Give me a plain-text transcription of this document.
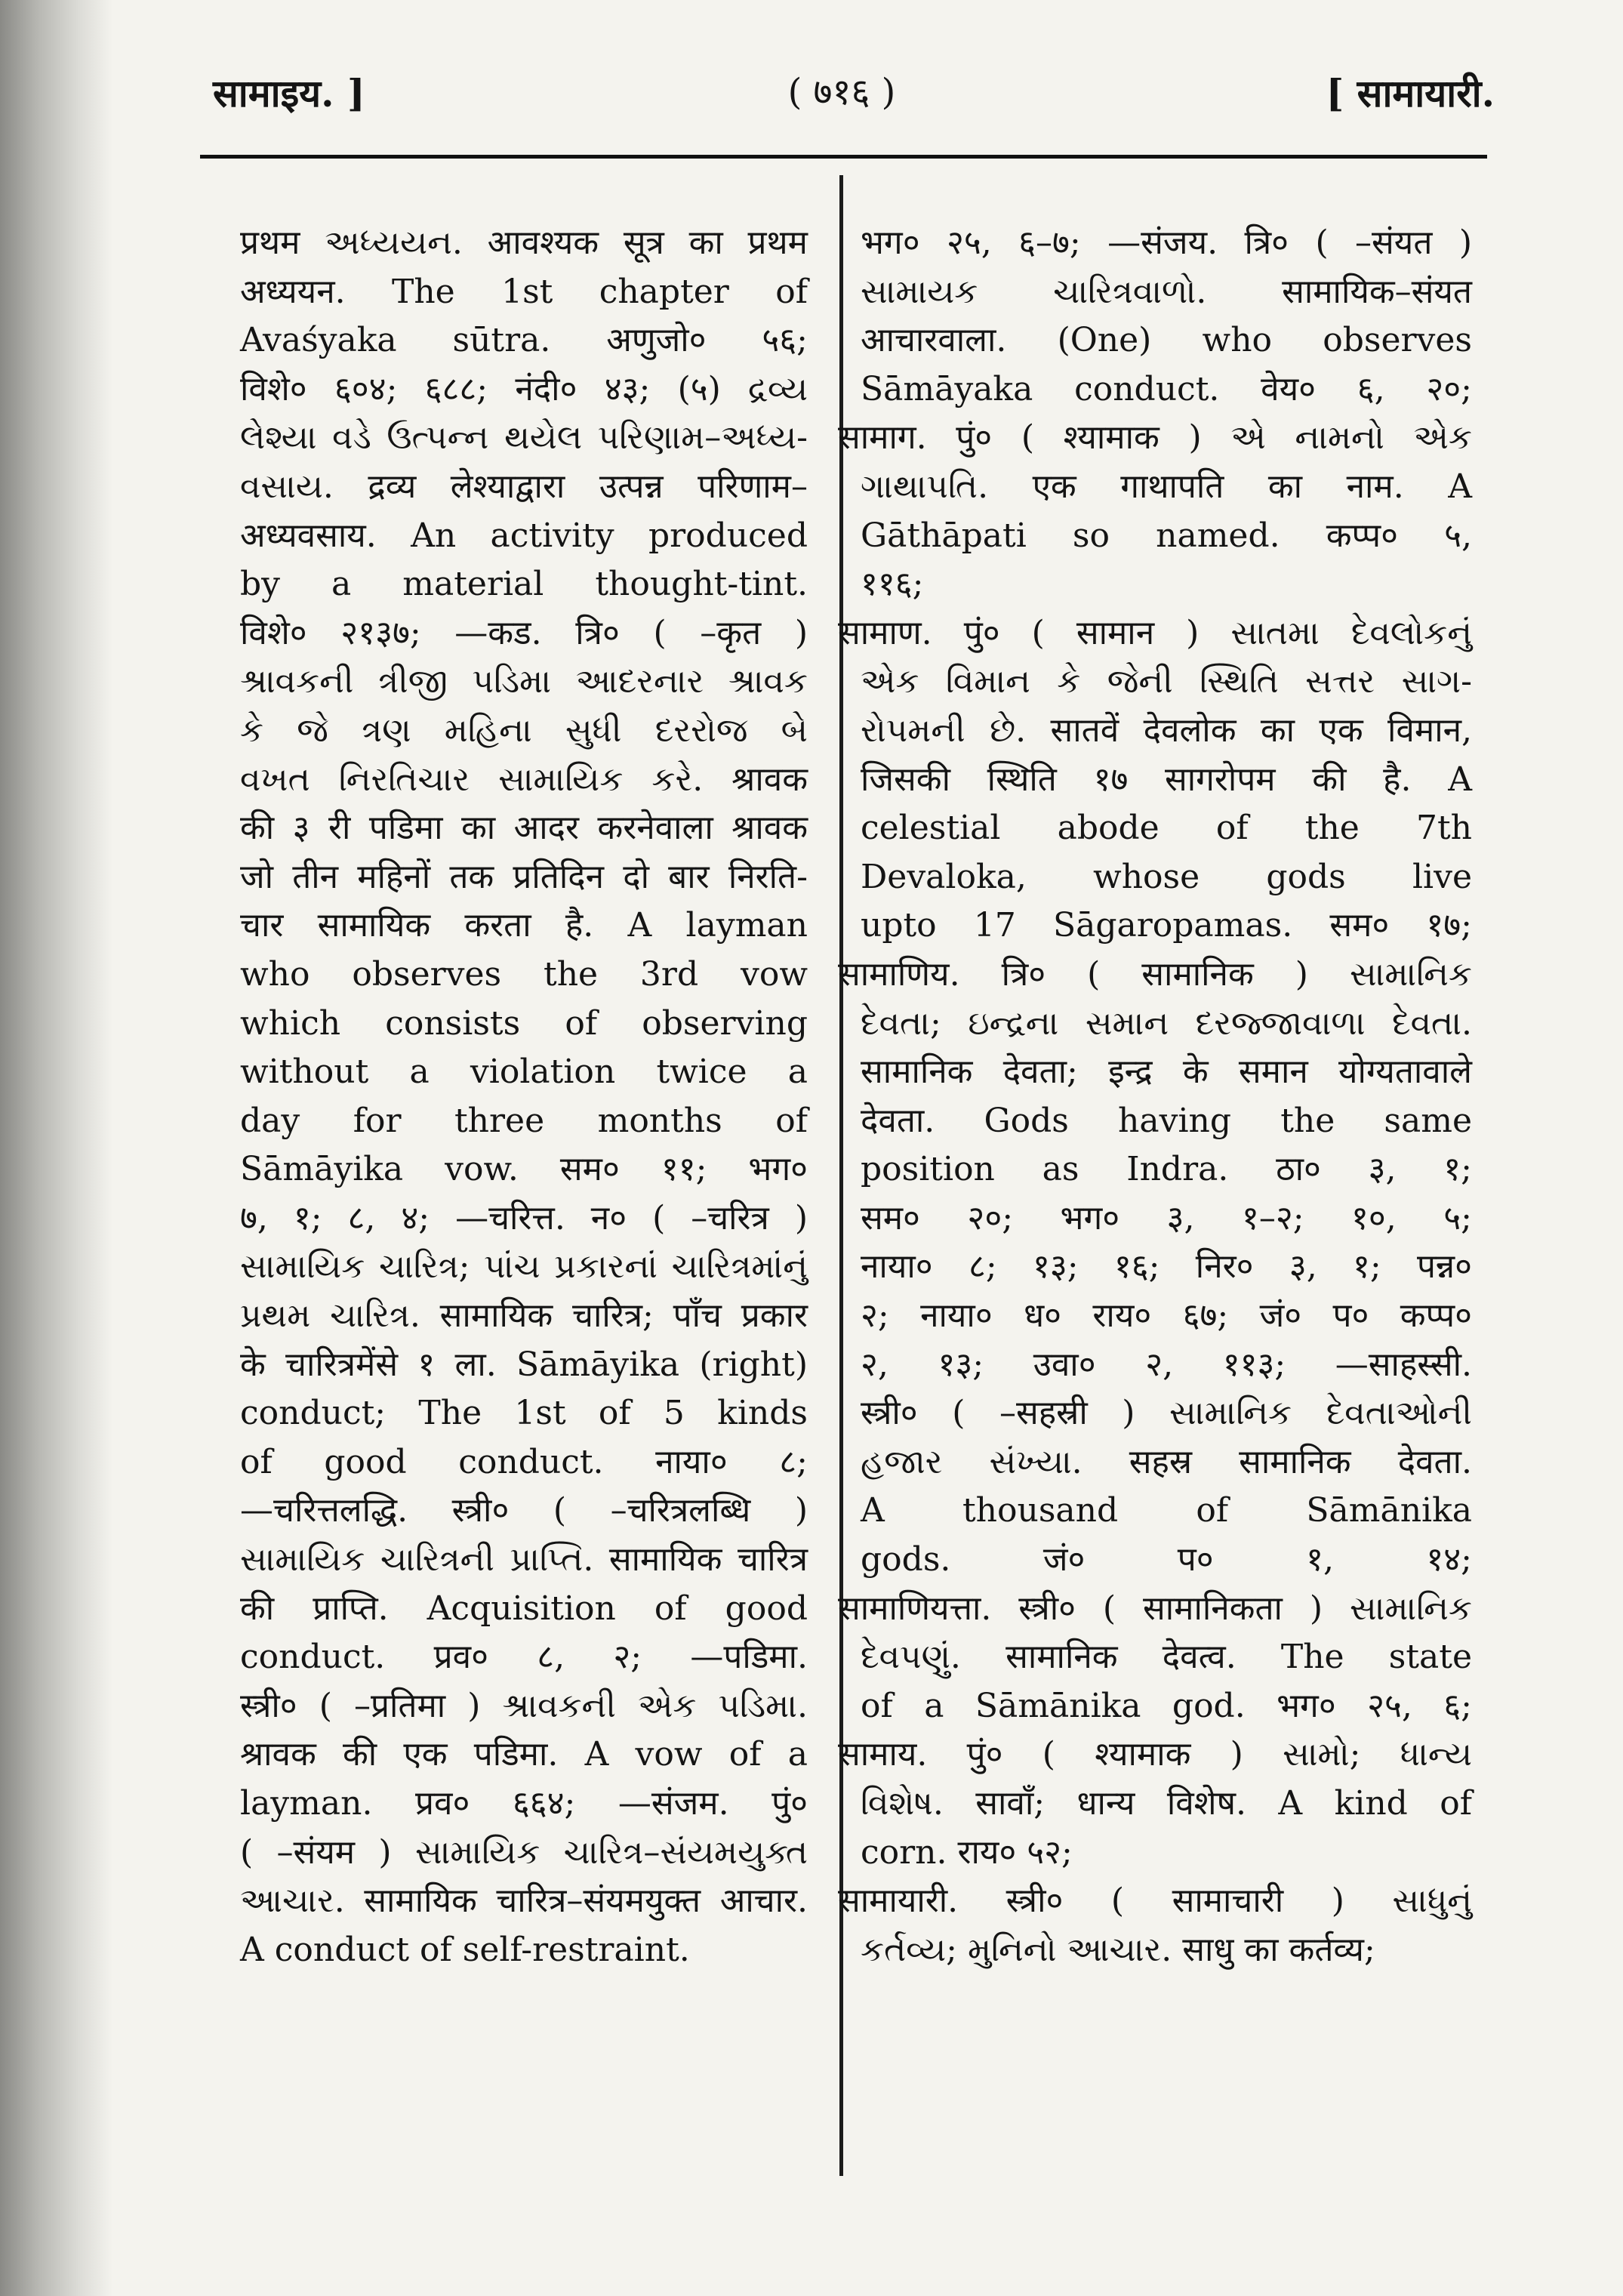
सामाइय. ]	( ७१६ )	[ सामायारी.
प्रथम અધ્યયન. आवश्यक सूत्र का प्रथम
अध्ययन. The 1st chapter of
Avaśyaka sūtra. अणुजो० ५६;
विशे० ६०४; ६८८; नंदी० ४३; (५) દ્રવ્ય
લેશ્યા વડે ઉત્પન્ન થયેલ પરિણામ–અધ્ય-
વસાય. द्रव्य लेश्याद्वारा उत्पन्न परिणाम–
अध्यवसाय. An activity produced
by a material thought-tint.
विशे० २१३७; —कड. त्रि० ( –कृत )
શ્રાવકની ત્રીજી પડિમા આદરનાર શ્રાવક
કે જે ત્રણ મહિના સુધી દરરોજ બે
વખત નિરતિચાર સામાયિક કરે. श्रावक
की ३ री पडिमा का आदर करनेवाला श्रावक
जो तीन महिनों तक प्रतिदिन दो बार निरति-
चार सामायिक करता है. A layman
who observes the 3rd vow
which consists of observing
without a violation twice a
day for three months of
Sāmāyika vow. सम० ११; भग०
७, १; ८, ४; —चरित्त. न० ( –चरित्र )
સામાયિક ચારિત્ર; પાંચ પ્રકારનાં ચારિત્રમાંનું
પ્રથમ ચારિત્ર. सामायिक चारित्र; पाँच प्रकार
के चारित्रमेंसे १ ला. Sāmāyika (right)
conduct; The 1st of 5 kinds
of good conduct. नाया० ८;
—चरित्तलद्धि. स्त्री० ( –चरित्रलब्धि )
સામાયિક ચારિત્રની પ્રાપ્તિ. सामायिक चारित्र
की प्राप्ति. Acquisition of good
conduct. प्रव० ८, २; —पडिमा.
स्त्री० ( –प्रतिमा ) શ્રાવકની એક પડિમા.
श्रावक की एक पडिमा. A vow of a
layman. प्रव० ६६४; —संजम. पुं०
( –संयम ) સામાયિક ચારિત્ર–સંયમયુક્ત
આચાર. सामायिक चारित्र–संयमयुक्त आचार.
A conduct of self-restraint.
भग० २५, ६–७; —संजय. त्रि० ( –संयत )
સામાયક ચારિત્રવાળો. सामायिक–संयत
आचारवाला. (One) who observes
Sāmāyaka conduct. वेय० ६, २०;
सामाग. पुं० ( श्यामाक ) એ નામનો એક
ગાથાપતિ. एक गाथापति का नाम. A
Gāthāpati so named. कप्प० ५,
११६;
सामाण. पुं० ( सामान ) સાતમા દેવલોકનું
એક વિમાન કે જેની સ્થિતિ સત્તર સાગ-
રોપમની છે. सातवें देवलोक का एक विमान,
जिसकी स्थिति १७ सागरोपम की है. A
celestial abode of the 7th
Devaloka, whose gods live
upto 17 Sāgaropamas. सम० १७;
सामाणिय. त्रि० ( सामानिक ) સામાનિક
દેવતા; ઇન્દ્રના સમાન દરજ્જાવાળા દેવતા.
सामानिक देवता; इन्द्र के समान योग्यतावाले
देवता. Gods having the same
position as Indra. ठा० ३, १;
सम० २०; भग० ३, १–२; १०, ५;
नाया० ८; १३; १६; निर० ३, १; पन्न०
२; नाया० ध० राय० ६७; जं० प० कप्प०
२, १३; उवा० २, ११३; —साहस्सी.
स्त्री० ( –सहस्री ) સામાનિક દેવતાઓની
હજાર સંખ્યા. सहस्र सामानिक देवता.
A thousand of Sāmānika
gods. जं० प० १, १४;
सामाणियत्ता. स्त्री० ( सामानिकता ) સામાનિક
દેવપણું. सामानिक देवत्व. The state
of a Sāmānika god. भग० २५, ६;
सामाय. पुं० ( श्यामाक ) સામો; ધાન્ય
વિશેષ. सावाँ; धान्य विशेष. A kind of
corn. राय० ५२;
सामायारी. स्त्री० ( सामाचारी ) સાધુનું
કર્તવ્ય; મુનિનો આચાર. साधु का कर्तव्य;
